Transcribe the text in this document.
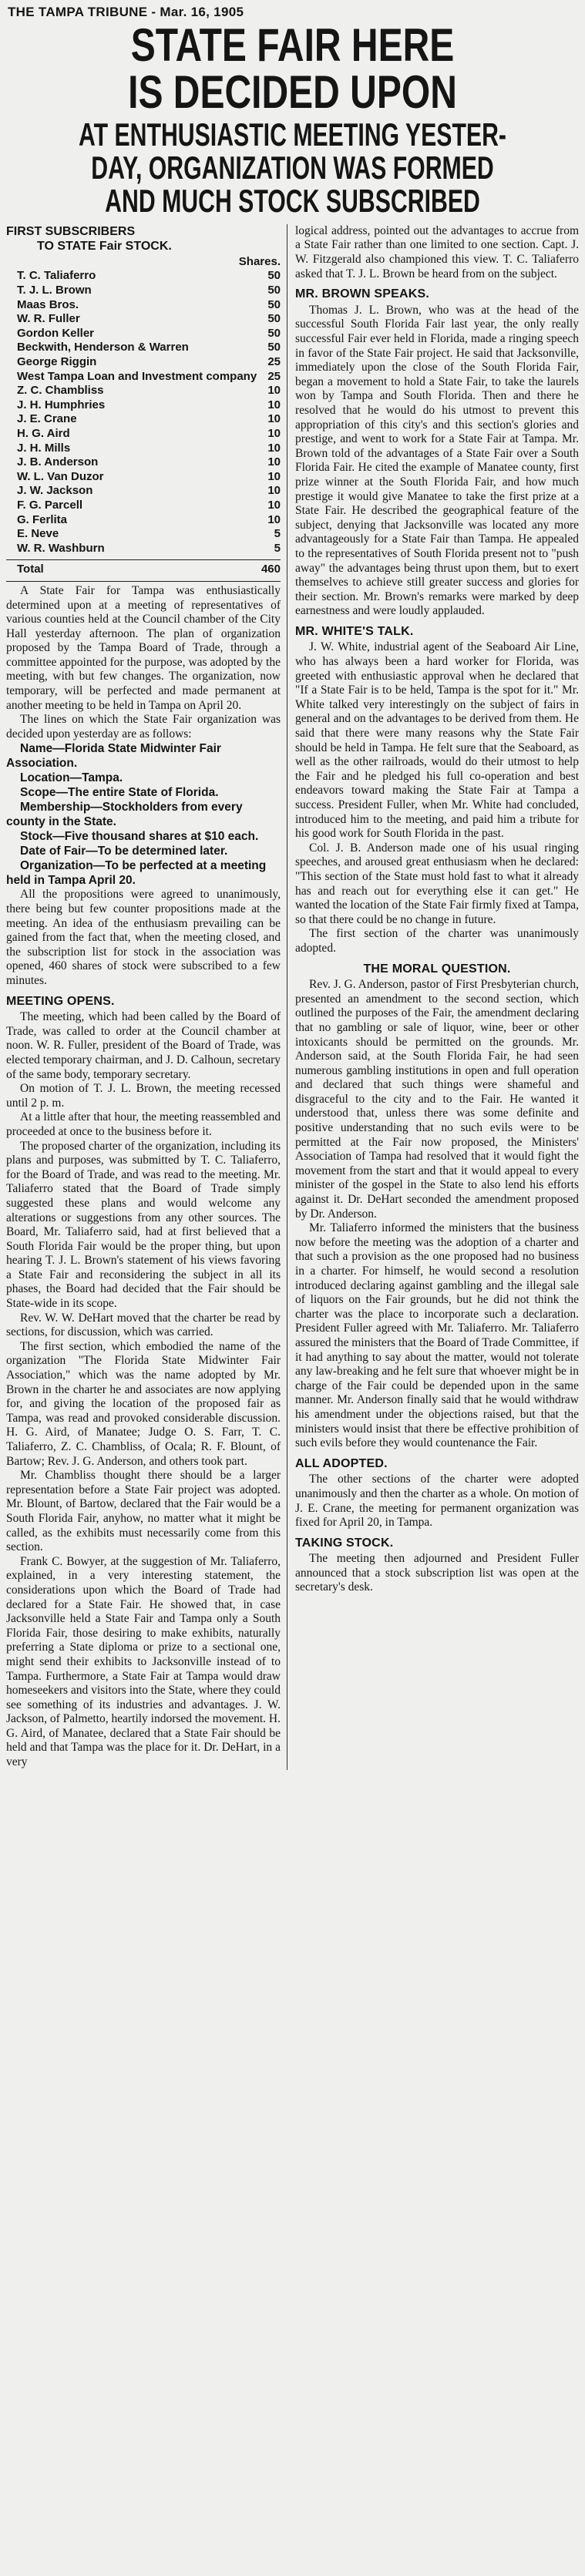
THE TAMPA TRIBUNE - Mar. 16, 1905
STATE FAIR HERE
IS DECIDED UPON
AT ENTHUSIASTIC MEETING YESTER-
DAY, ORGANIZATION WAS FORMED
AND MUCH STOCK SUBSCRIBED
FIRST SUBSCRIBERS
TO STATE Fair STOCK.
Shares.
T. C. Taliaferro	50
T. J. L. Brown	50
Maas Bros.	50
W. R. Fuller	50
Gordon Keller	50
Beckwith, Henderson & Warren	50
George Riggin	25
West Tampa Loan and Investment company 25
Z. C. Chambliss	10
J. H. Humphries	10
J. E. Crane	10
H. G. Aird	10
J. H. Mills	10
J. B. Anderson	10
W. L. Van Duzor	10
J. W. Jackson	10
F. G. Parcell	10
G. Ferlita	10
E. Neve	5
W. R. Washburn	5
Total	460

A State Fair for Tampa was enthusiastically determined upon at a meeting of representatives of various counties held at the Council chamber of the City Hall yesterday afternoon. The plan of organization proposed by the Tampa Board of Trade, through a committee appointed for the purpose, was adopted by the meeting, with but few changes. The organization, now temporary, will be perfected and made permanent at another meeting to be held in Tampa on April 20.

The lines on which the State Fair organization was decided upon yesterday are as follows:

Name—Florida State Midwinter Fair Association.

Location—Tampa.

Scope—The entire State of Florida.

Membership—Stockholders from every county in the State.

Stock—Five thousand shares at $10 each.

Date of Fair—To be determined later.

Organization—To be perfected at a meeting held in Tampa April 20.

All the propositions were agreed to unanimously, there being but few counter propositions made at the meeting. An idea of the enthusiasm prevailing can be gained from the fact that, when the meeting closed, and the subscription list for stock in the association was opened, 460 shares of stock were subscribed to a few minutes.

MEETING OPENS.

The meeting, which had been called by the Board of Trade, was called to order at the Council chamber at noon. W. R. Fuller, president of the Board of Trade, was elected temporary chairman, and J. D. Calhoun, secretary of the same body, temporary secretary.

On motion of T. J. L. Brown, the meeting recessed until 2 p. m.

At a little after that hour, the meeting reassembled and proceeded at once to the business before it.

The proposed charter of the organization, including its plans and purposes, was submitted by T. C. Taliaferro, for the Board of Trade, and was read to the meeting. Mr. Taliaferro stated that the Board of Trade simply suggested these plans and would welcome any alterations or suggestions from any other sources. The Board, Mr. Taliaferro said, had at first believed that a South Florida Fair would be the proper thing, but upon hearing T. J. L. Brown's statement of his views favoring a State Fair and reconsidering the subject in all its phases, the Board had decided that the Fair should be State-wide in its scope.

Rev. W. W. DeHart moved that the charter be read by sections, for discussion, which was carried.

The first section, which embodied the name of the organization "The Florida State Midwinter Fair Association," which was the name adopted by Mr. Brown in the charter he and associates are now applying for, and giving the location of the proposed fair as Tampa, was read and provoked considerable discussion. H. G. Aird, of Manatee; Judge O. S. Farr, T. C. Taliaferro, Z. C. Chambliss, of Ocala; R. F. Blount, of Bartow; Rev. J. G. Anderson, and others took part.

Mr. Chambliss thought there should be a larger representation before a State Fair project was adopted. Mr. Blount, of Bartow, declared that the Fair would be a South Florida Fair, anyhow, no matter what it might be called, as the exhibits must necessarily come from this section.

Frank C. Bowyer, at the suggestion of Mr. Taliaferro, explained, in a very interesting statement, the considerations upon which the Board of Trade had declared for a State Fair. He showed that, in case Jacksonville held a State Fair and Tampa only a South Florida Fair, those desiring to make exhibits, naturally preferring a State diploma or prize to a sectional one, might send their exhibits to Jacksonville instead of to Tampa. Furthermore, a State Fair at Tampa would draw homeseekers and visitors into the State, where they could see something of its industries and advantages. J. W. Jackson, of Palmetto, heartily indorsed the movement. H. G. Aird, of Manatee, declared that a State Fair should be held and that Tampa was the place for it. Dr. DeHart, in a very

logical address, pointed out the advantages to accrue from a State Fair rather than one limited to one section. Capt. J. W. Fitzgerald also championed this view. T. C. Taliaferro asked that T. J. L. Brown be heard from on the subject.

MR. BROWN SPEAKS.

Thomas J. L. Brown, who was at the head of the successful South Florida Fair last year, the only really successful Fair ever held in Florida, made a ringing speech in favor of the State Fair project. He said that Jacksonville, immediately upon the close of the South Florida Fair, began a movement to hold a State Fair, to take the laurels won by Tampa and South Florida. Then and there he resolved that he would do his utmost to prevent this appropriation of this city's and this section's glories and prestige, and went to work for a State Fair at Tampa. Mr. Brown told of the advantages of a State Fair over a South Florida Fair. He cited the example of Manatee county, first prize winner at the South Florida Fair, and how much prestige it would give Manatee to take the first prize at a State Fair. He described the geographical feature of the subject, denying that Jacksonville was located any more advantageously for a State Fair than Tampa. He appealed to the representatives of South Florida present not to "push away" the advantages being thrust upon them, but to exert themselves to achieve still greater success and glories for their section. Mr. Brown's remarks were marked by deep earnestness and were loudly applauded.

MR. WHITE'S TALK.

J. W. White, industrial agent of the Seaboard Air Line, who has always been a hard worker for Florida, was greeted with enthusiastic approval when he declared that "If a State Fair is to be held, Tampa is the spot for it." Mr. White talked very interestingly on the subject of fairs in general and on the advantages to be derived from them. He said that there were many reasons why the State Fair should be held in Tampa. He felt sure that the Seaboard, as well as the other railroads, would do their utmost to help the Fair and he pledged his full co-operation and best endeavors toward making the State Fair at Tampa a success. President Fuller, when Mr. White had concluded, introduced him to the meeting, and paid him a tribute for his good work for South Florida in the past.

Col. J. B. Anderson made one of his usual ringing speeches, and aroused great enthusiasm when he declared: "This section of the State must hold fast to what it already has and reach out for everything else it can get." He wanted the location of the State Fair firmly fixed at Tampa, so that there could be no change in future.

The first section of the charter was unanimously adopted.

THE MORAL QUESTION.

Rev. J. G. Anderson, pastor of First Presbyterian church, presented an amendment to the second section, which outlined the purposes of the Fair, the amendment declaring that no gambling or sale of liquor, wine, beer or other intoxicants should be permitted on the grounds. Mr. Anderson said, at the South Florida Fair, he had seen numerous gambling institutions in open and full operation and declared that such things were shameful and disgraceful to the city and to the Fair. He wanted it understood that, unless there was some definite and positive understanding that no such evils were to be permitted at the Fair now proposed, the Ministers' Association of Tampa had resolved that it would fight the movement from the start and that it would appeal to every minister of the gospel in the State to also lend his efforts against it. Dr. DeHart seconded the amendment proposed by Dr. Anderson.

Mr. Taliaferro informed the ministers that the business now before the meeting was the adoption of a charter and that such a provision as the one proposed had no business in a charter. For himself, he would second a resolution introduced declaring against gambling and the illegal sale of liquors on the Fair grounds, but he did not think the charter was the place to incorporate such a declaration. President Fuller agreed with Mr. Taliaferro. Mr. Taliaferro assured the ministers that the Board of Trade Committee, if it had anything to say about the matter, would not tolerate any law-breaking and he felt sure that whoever might be in charge of the Fair could be depended upon in the same manner. Mr. Anderson finally said that he would withdraw his amendment under the objections raised, but that the ministers would insist that there be effective prohibition of such evils before they would countenance the Fair.

ALL ADOPTED.

The other sections of the charter were adopted unanimously and then the charter as a whole. On motion of J. E. Crane, the meeting for permanent organization was fixed for April 20, in Tampa.

TAKING STOCK.

The meeting then adjourned and President Fuller announced that a stock subscription list was open at the secretary's desk.
